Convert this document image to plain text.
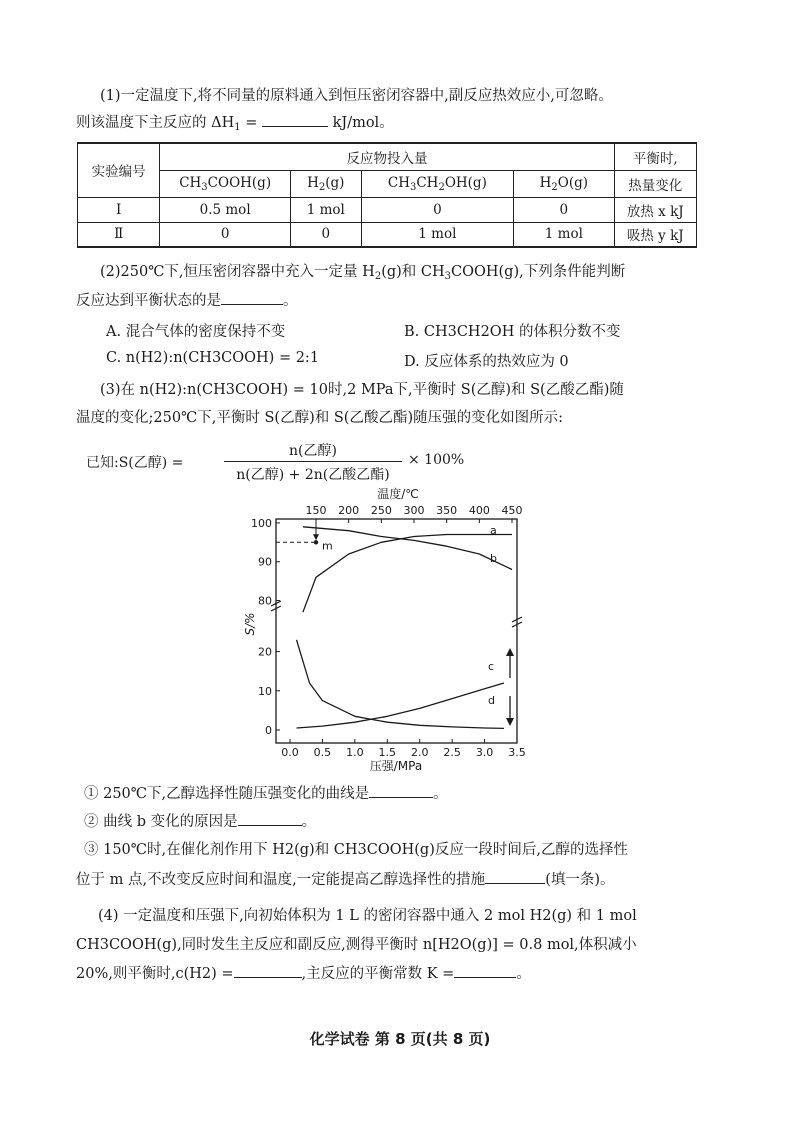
(1)一定温度下,将不同量的原料通入到恒压密闭容器中,副反应热效应小,可忽略。
则该温度下主反应的 $\Delta H_1$ =	kJ/mol。
实验编号	反应物投入量				平衡时,
	$CH_3COOH(g)$	$H_2(g)$	$CH_3CH_2OH(g)$	$H_2O(g)$	热量变化
Ⅰ	0.5 mol	1 mol	0	0	放热 x kJ
Ⅱ	0	0	1 mol	1 mol	吸热 y kJ
(2)250℃下,恒压密闭容器中充入一定量 $H_2(g)$和 $CH_3COOH(g)$,下列条件能判断
反应达到平衡状态的是	。
A. 混合气体的密度保持不变	B. CH3CH2OH 的体积分数不变
C. n(H2):n(CH3COOH) = 2:1	D. 反应体系的热效应为 0
(3)在 n(H2):n(CH3COOH) = 10时,2 MPa下,平衡时 S(乙醇)和 S(乙酸乙酯)随
温度的变化;250℃下,平衡时 S(乙醇)和 S(乙酸乙酯)随压强的变化如图所示:
已知:S(乙醇) =
n(乙醇)
n(乙醇) + 2n(乙酸乙酯)
× 100%
温度/℃
150 200 250 300 350 400 450
0.0 0.5 1.0 1.5 2.0 2.5 3.0 3.5
压强/MPa
80
90
100
0
10
20
S/%
a
b
c
d
m
① 250℃下,乙醇选择性随压强变化的曲线是	。
② 曲线 b 变化的原因是	。
③ 150℃时,在催化剂作用下 H2(g)和 CH3COOH(g)反应一段时间后,乙醇的选择性
位于 m 点,不改变反应时间和温度,一定能提高乙醇选择性的措施	(填一条)。
(4) 一定温度和压强下,向初始体积为 1 L 的密闭容器中通入 2 mol H2(g) 和 1 mol
CH3COOH(g),同时发生主反应和副反应,测得平衡时 n[H2O(g)] = 0.8 mol,体积减小
20%,则平衡时,c(H2) =	,主反应的平衡常数 K =	。
化学试卷 第 8 页(共 8 页)
